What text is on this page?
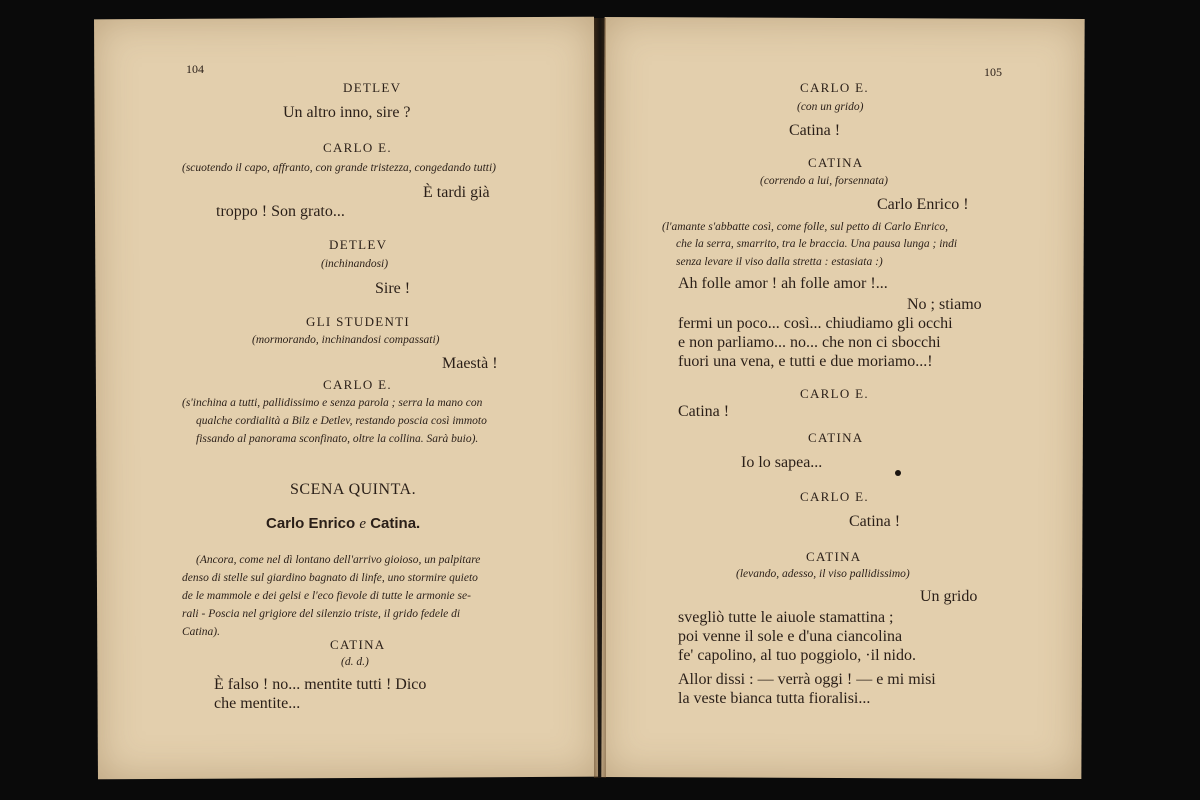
104	105
Carlo Enrico e Catina.
DETLEV
Un altro inno, sire ?
CARLO E.
(scuotendo il capo, affranto, con grande tristezza, congedando tutti)
È tardi già
troppo ! Son grato...
DETLEV
(inchinandosi)
Sire !
GLI STUDENTI
(mormorando, inchinandosi compassati)
Maestà !
CARLO E.
(s'inchina a tutti, pallidissimo e senza parola ; serra la mano con
qualche cordialità a Bilz e Detlev, restando poscia così immoto
fissando al panorama sconfinato, oltre la collina. Sarà buio).
SCENA QUINTA.
(Ancora, come nel dì lontano dell'arrivo gioioso, un palpitare
denso di stelle sul giardino bagnato di linfe, uno stormire quieto
de le mammole e dei gelsi e l'eco fievole di tutte le armonie se-
rali - Poscia nel grigiore del silenzio triste, il grido fedele di
Catina).
CATINA
(d. d.)
È falso ! no... mentite tutti ! Dico
che mentite...
CARLO E.
(con un grido)
Catina !
CATINA
(correndo a lui, forsennata)
Carlo Enrico !
(l'amante s'abbatte così, come folle, sul petto di Carlo Enrico,
che la serra, smarrito, tra le braccia. Una pausa lunga ; indi
senza levare il viso dalla stretta : estasiata :)
Ah folle amor ! ah folle amor !...
No ; stiamo
fermi un poco... così... chiudiamo gli occhi
e non parliamo... no... che non ci sbocchi
fuori una vena, e tutti e due moriamo...!
CARLO E.
Catina !
CATINA
Io lo sapea...
CARLO E.
Catina !
CATINA
(levando, adesso, il viso pallidissimo)
Un grido
svegliò tutte le aiuole stamattina ;
poi venne il sole e d'una ciancolina
fe' capolino, al tuo poggiolo, ·il nido.
Allor dissi : — verrà oggi ! — e mi misi
la veste bianca tutta fioralisi...
